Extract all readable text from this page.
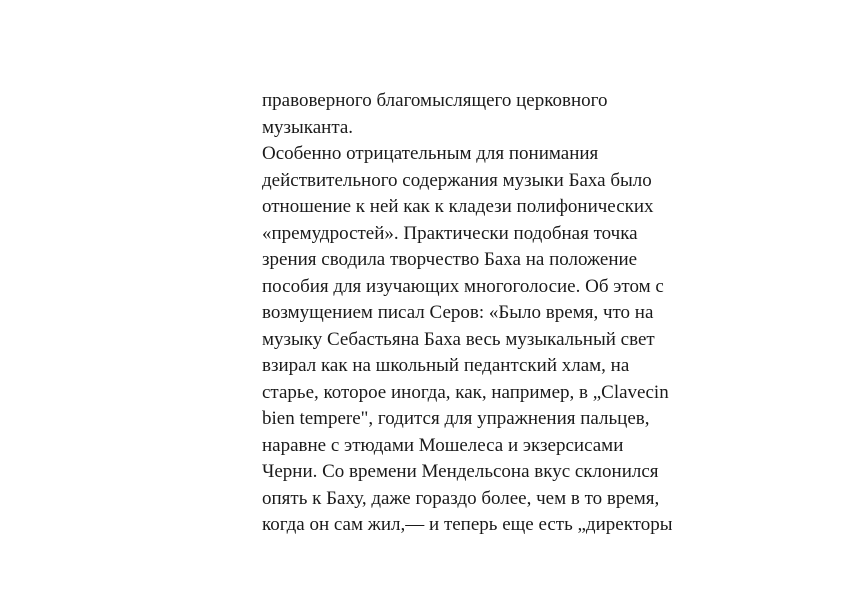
правоверного благомыслящего церковного
музыканта.
Особенно отрицательным для понимания
действительного содержания музыки Баха было
отношение к ней как к кладези полифонических
«премудростей». Практически подобная точка
зрения сводила творчество Баха на положение
пособия для изучающих многоголосие. Об этом с
возмущением писал Серов: «Было время, что на
музыку Себастьяна Баха весь музыкальный свет
взирал как на школьный педантский хлам, на
старье, которое иногда, как, например, в „Clavecin
bien tempere", годится для упражнения пальцев,
наравне с этюдами Мошелеса и экзерсисами
Черни. Со времени Мендельсона вкус склонился
опять к Баху, даже гораздо более, чем в то время,
когда он сам жил,— и теперь еще есть „директоры
